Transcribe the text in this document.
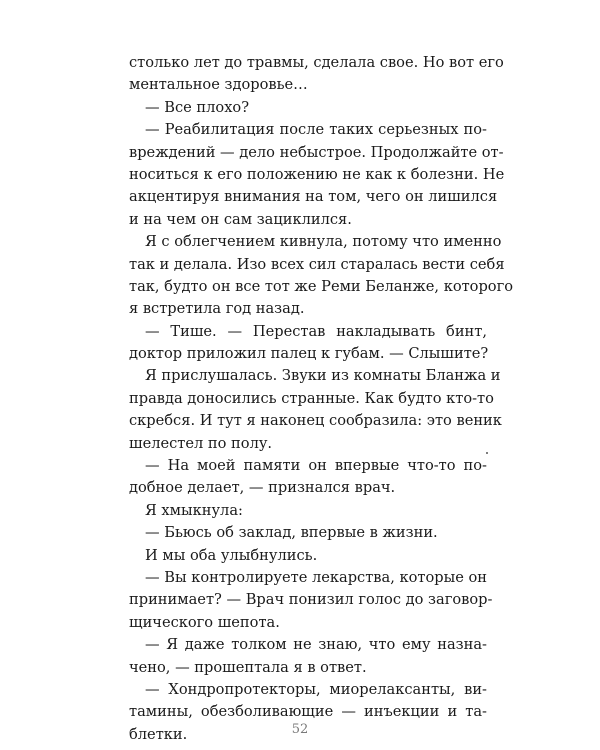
столько лет до травмы, сделала свое. Но вот его
ментальное здоровье…
— Все плохо?
— Реабилитация после таких серьезных по-
вреждений — дело небыстрое. Продолжайте от-
носиться к его положению не как к болезни. Не
акцентируя внимания на том, чего он лишился
и на чем он сам зациклился.
Я с облегчением кивнула, потому что именно
так и делала. Изо всех сил старалась вести себя
так, будто он все тот же Реми Беланже, которого
я встретила год назад.
— Тише. — Перестав накладывать бинт,
доктор приложил палец к губам. — Слышите?
Я прислушалась. Звуки из комнаты Бланжа и
правда доносились странные. Как будто кто-то
скребся. И тут я наконец сообразила: это веник
шелестел по полу.
— На моей памяти он впервые что-то по-
добное делает, — признался врач.
Я хмыкнула:
— Бьюсь об заклад, впервые в жизни.
И мы оба улыбнулись.
— Вы контролируете лекарства, которые он
принимает? — Врач понизил голос до заговор-
щического шепота.
— Я даже толком не знаю, что ему назна-
чено, — прошептала я в ответ.
— Хондропротекторы, миорелаксанты, ви-
тамины, обезболивающие — инъекции и та-
блетки.	52
